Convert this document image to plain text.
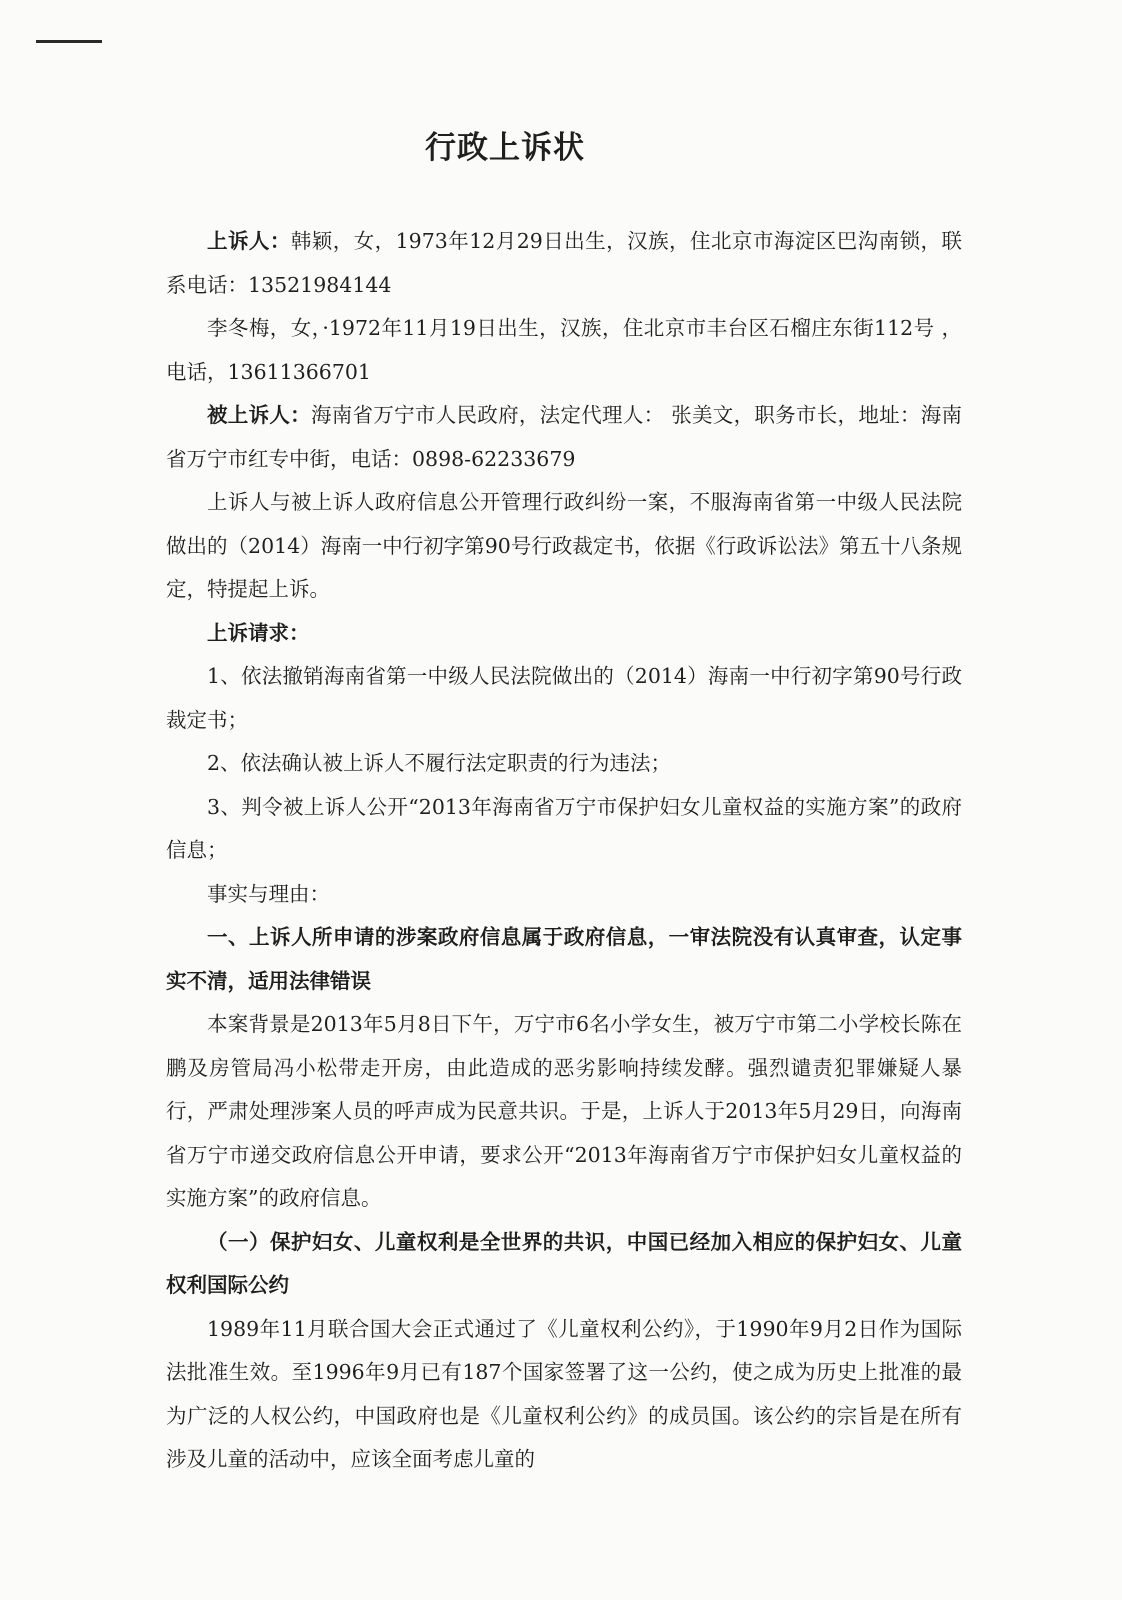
行政上诉状

上诉人：韩颖，女，1973年12月29日出生，汉族，住北京市海淀区巴沟南锁，联系电话：13521984144

李冬梅，女，·1972年11月19日出生，汉族，住北京市丰台区石榴庄东街112号 ，电话，13611366701

被上诉人：海南省万宁市人民政府，法定代理人： 张美文，职务市长，地址：海南省万宁市红专中街，电话：0898-62233679

上诉人与被上诉人政府信息公开管理行政纠纷一案，不服海南省第一中级人民法院做出的（2014）海南一中行初字第90号行政裁定书，依据《行政诉讼法》第五十八条规定，特提起上诉。

上诉请求：

1、依法撤销海南省第一中级人民法院做出的（2014）海南一中行初字第90号行政裁定书；

2、依法确认被上诉人不履行法定职责的行为违法；

3、判令被上诉人公开“2013年海南省万宁市保护妇女儿童权益的实施方案”的政府信息；

事实与理由：

一、上诉人所申请的涉案政府信息属于政府信息，一审法院没有认真审查，认定事实不清，适用法律错误

本案背景是2013年5月8日下午，万宁市6名小学女生，被万宁市第二小学校长陈在鹏及房管局冯小松带走开房，由此造成的恶劣影响持续发酵。强烈谴责犯罪嫌疑人暴行，严肃处理涉案人员的呼声成为民意共识。于是，上诉人于2013年5月29日，向海南省万宁市递交政府信息公开申请，要求公开“2013年海南省万宁市保护妇女儿童权益的实施方案”的政府信息。

（一）保护妇女、儿童权利是全世界的共识，中国已经加入相应的保护妇女、儿童权利国际公约

1989年11月联合国大会正式通过了《儿童权利公约》，于1990年9月2日作为国际法批准生效。至1996年9月已有187个国家签署了这一公约，使之成为历史上批准的最为广泛的人权公约，中国政府也是《儿童权利公约》的成员国。该公约的宗旨是在所有涉及儿童的活动中，应该全面考虑儿童的
